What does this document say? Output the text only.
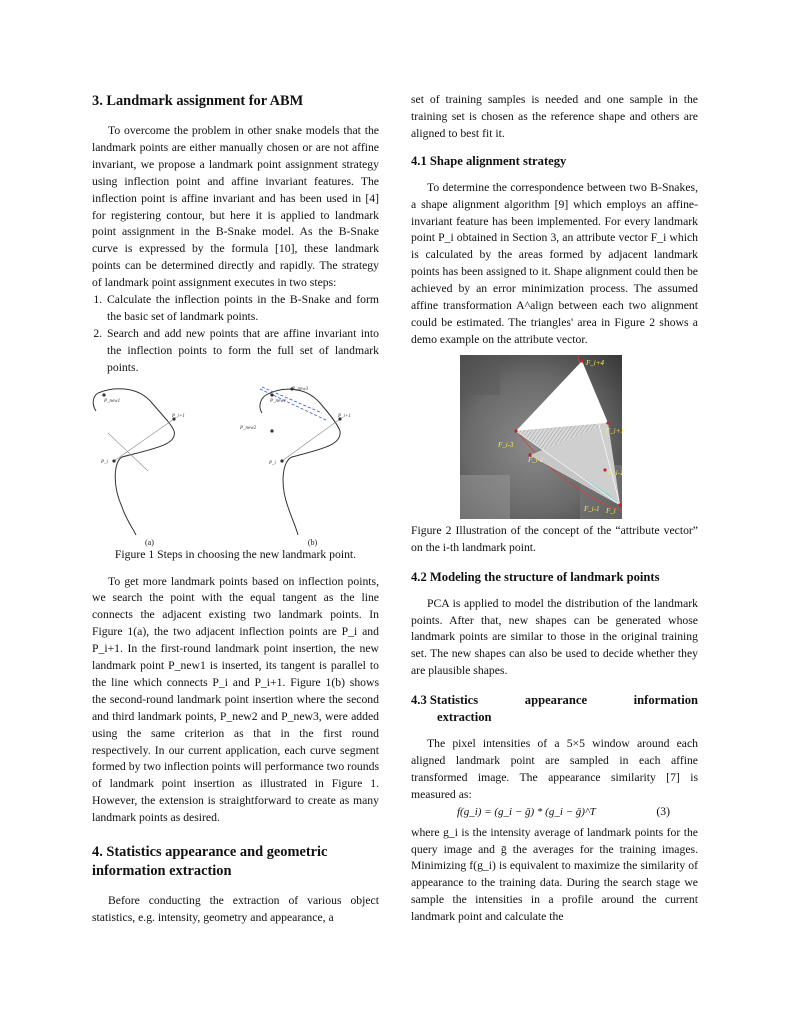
3. Landmark assignment for ABM

To overcome the problem in other snake models that the landmark points are either manually chosen or are not affine invariant, we propose a landmark point assignment strategy using inflection point and affine invariant features. The inflection point is affine invariant and has been used in [4] for registering contour, but here it is applied to landmark point assignment in the B-Snake model. As the B-Snake curve is expressed by the formula [10], these landmark points can be determined directly and rapidly. The strategy of landmark point assignment executes in two steps:

1. Calculate the inflection points in the B-Snake and form the basic set of landmark points.
2. Search and add new points that are affine invariant into the inflection points to form the full set of landmark points.
P_new1
P_i+1
P_i
P_new3
P_new1
P_new2
P_i+1
P_i
(a)	(b)

Figure 1 Steps in choosing the new landmark point.

To get more landmark points based on inflection points, we search the point with the equal tangent as the line connects the adjacent existing two landmark points. In Figure 1(a), the two adjacent inflection points are P_i and P_i+1. In the first-round landmark point insertion, the new landmark point P_new1 is inserted, its tangent is parallel to the line which connects P_i and P_i+1. Figure 1(b) shows the second-round landmark point insertion where the second and third landmark points, P_new2 and P_new3, were added using the same criterion as that in the first round respectively. In our current application, each curve segment formed by two inflection points will performance two rounds of landmark point insertion as illustrated in Figure 1. However, the extension is straightforward to create as many landmark points as desired.

4. Statistics appearance and geometric information extraction

Before conducting the extraction of various object statistics, e.g. intensity, geometry and appearance, a

set of training samples is needed and one sample in the training set is chosen as the reference shape and others are aligned to best fit it.

4.1 Shape alignment strategy

To determine the correspondence between two B-Snakes, a shape alignment algorithm [9] which employs an affine-invariant feature has been implemented. For every landmark point P_i obtained in Section 3, an attribute vector F_i which is calculated by the areas formed by adjacent landmark points has been assigned to it. Shape alignment could then be achieved by an error minimization process. The assumed affine transformation A^align between each two alignment could be estimated. The triangles' area in Figure 2 shows a demo example on the attribute vector.

F_i+4
F_i-3
F_i-2
F_i+1
F_i-1
F_i-1 F_i

Figure 2 Illustration of the concept of the “attribute vector” on the i-th landmark point.

4.2 Modeling the structure of landmark points

PCA is applied to model the distribution of the landmark points. After that, new shapes can be generated whose landmark points are similar to those in the original training set. The new shapes can also be used to decide whether they are plausible shapes.

4.3 Statistics	appearance	information
extraction

The pixel intensities of a 5×5 window around each aligned landmark point are sampled in each affine transformed image. The appearance similarity [7] is measured as:

f(g_i) = (g_i − ḡ) * (g_i − ḡ)^T	(3)

where g_i is the intensity average of landmark points for the query image and ḡ the averages for the training images. Minimizing f(g_i) is equivalent to maximize the similarity of appearance to the training data. During the search stage we sample the intensities in a profile around the current landmark point and calculate the
